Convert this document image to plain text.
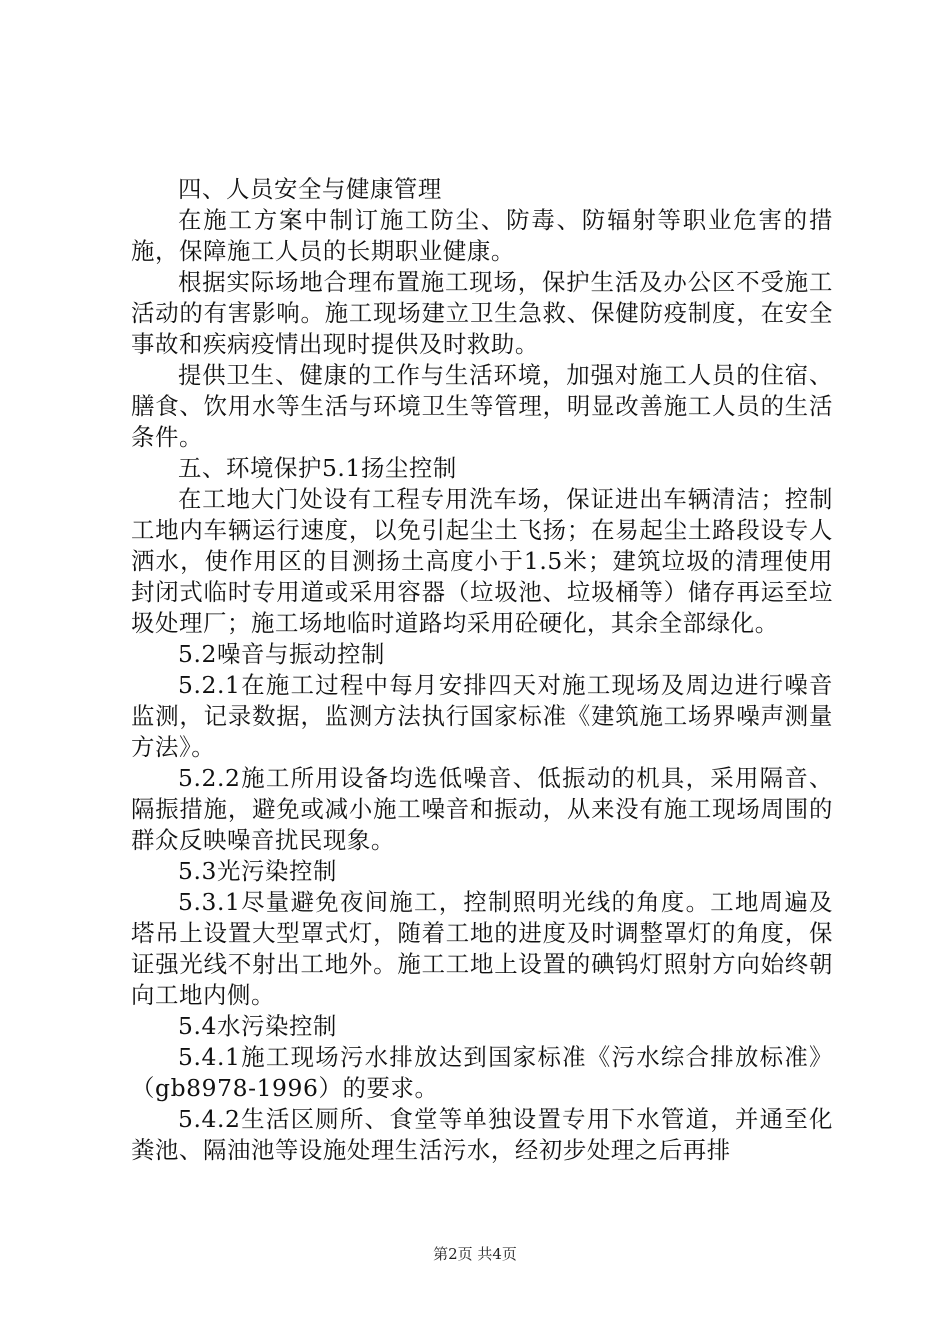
四、人员安全与健康管理

在施工方案中制订施工防尘、防毒、防辐射等职业危害的措施，保障施工人员的长期职业健康。

根据实际场地合理布置施工现场，保护生活及办公区不受施工活动的有害影响。施工现场建立卫生急救、保健防疫制度，在安全事故和疾病疫情出现时提供及时救助。

提供卫生、健康的工作与生活环境，加强对施工人员的住宿、膳食、饮用水等生活与环境卫生等管理，明显改善施工人员的生活条件。

五、环境保护5.1扬尘控制

在工地大门处设有工程专用洗车场，保证进出车辆清洁；控制工地内车辆运行速度，以免引起尘土飞扬；在易起尘土路段设专人洒水，使作用区的目测扬土高度小于1.5米；建筑垃圾的清理使用封闭式临时专用道或采用容器（垃圾池、垃圾桶等）储存再运至垃圾处理厂；施工场地临时道路均采用砼硬化，其余全部绿化。

5.2噪音与振动控制

5.2.1在施工过程中每月安排四天对施工现场及周边进行噪音监测，记录数据，监测方法执行国家标准《建筑施工场界噪声测量方法》。

5.2.2施工所用设备均选低噪音、低振动的机具，采用隔音、隔振措施，避免或减小施工噪音和振动，从来没有施工现场周围的群众反映噪音扰民现象。

5.3光污染控制

5.3.1尽量避免夜间施工，控制照明光线的角度。工地周遍及塔吊上设置大型罩式灯，随着工地的进度及时调整罩灯的角度，保证强光线不射出工地外。施工工地上设置的碘钨灯照射方向始终朝向工地内侧。

5.4水污染控制

5.4.1施工现场污水排放达到国家标准《污水综合排放标准》（gb8978-1996）的要求。

5.4.2生活区厕所、食堂等单独设置专用下水管道，并通至化粪池、隔油池等设施处理生活污水，经初步处理之后再排

第2页 共4页
